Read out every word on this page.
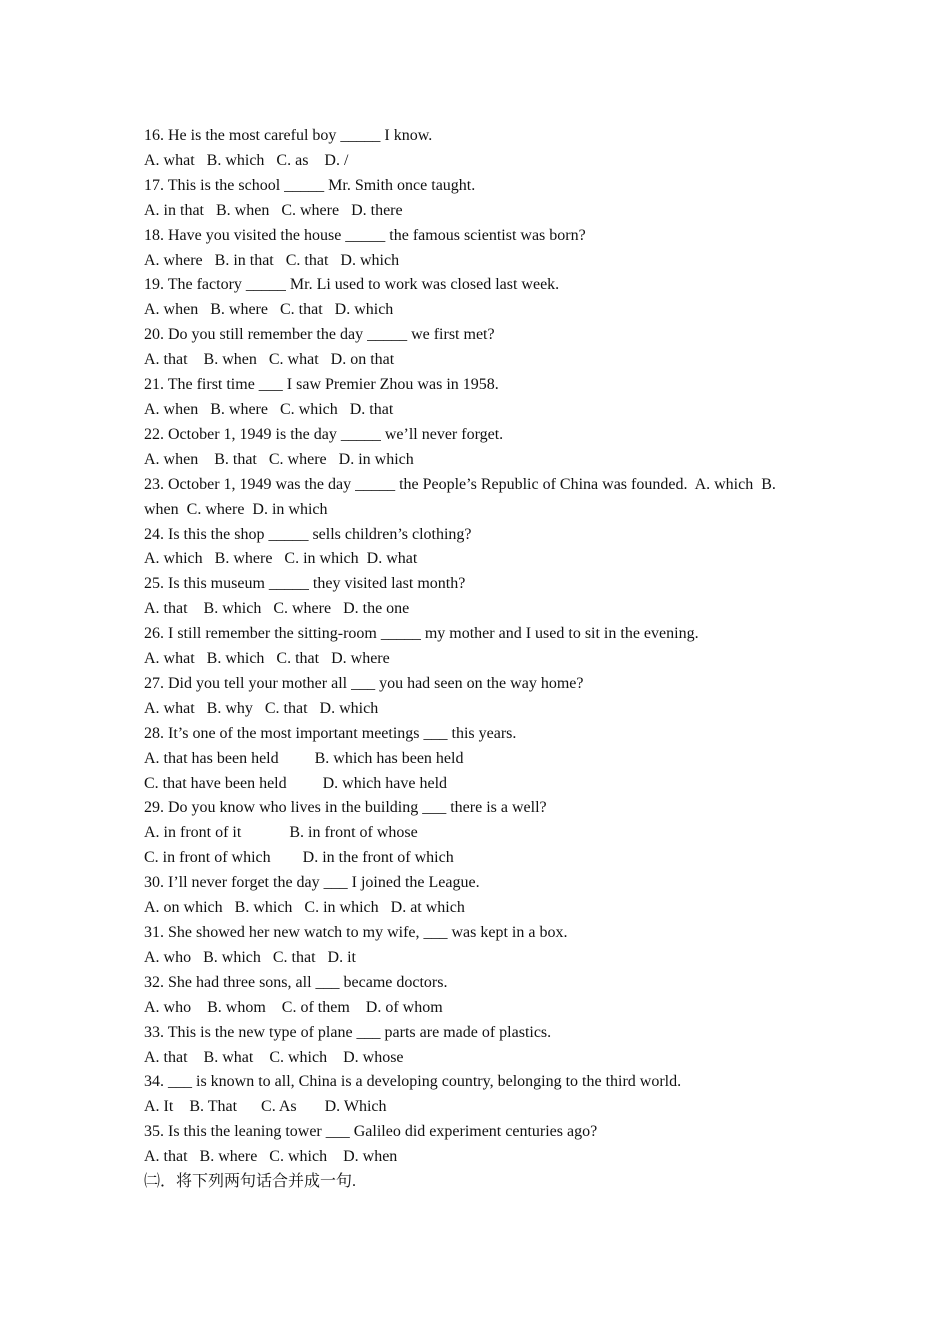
16. He is the most careful boy _____ I know.

A. what   B. which   C. as    D. /

17. This is the school _____ Mr. Smith once taught.

A. in that   B. when   C. where   D. there

18. Have you visited the house _____ the famous scientist was born?

A. where   B. in that   C. that   D. which

19. The factory _____ Mr. Li used to work was closed last week.

A. when   B. where   C. that   D. which

20. Do you still remember the day _____ we first met?

A. that    B. when   C. what   D. on that

21. The first time ___ I saw Premier Zhou was in 1958.

A. when   B. where   C. which   D. that

22. October 1, 1949 is the day _____ we’ll never forget.

A. when    B. that   C. where   D. in which

23. October 1, 1949 was the day _____ the People’s Republic of China was founded.  A. which  B. when  C. where  D. in which

24. Is this the shop _____ sells children’s clothing?

A. which   B. where   C. in which  D. what

25. Is this museum _____ they visited last month?

A. that    B. which   C. where   D. the one

26. I still remember the sitting-room _____ my mother and I used to sit in the evening.

A. what   B. which   C. that   D. where

27. Did you tell your mother all ___ you had seen on the way home?

A. what   B. why   C. that   D. which

28. It’s one of the most important meetings ___ this years.

A. that has been held         B. which has been held

C. that have been held         D. which have held

29. Do you know who lives in the building ___ there is a well?

A. in front of it            B. in front of whose

C. in front of which        D. in the front of which

30. I’ll never forget the day ___ I joined the League.

A. on which   B. which   C. in which   D. at which

31. She showed her new watch to my wife, ___ was kept in a box.

A. who   B. which   C. that   D. it

32. She had three sons, all ___ became doctors.

A. who    B. whom    C. of them    D. of whom

33. This is the new type of plane ___ parts are made of plastics.

A. that    B. what    C. which    D. whose

34. ___ is known to all, China is a developing country, belonging to the third world.

A. It    B. That      C. As       D. Which

35. Is this the leaning tower ___ Galileo did experiment centuries ago?

A. that   B. where   C. which    D. when

㈡．将下列两句话合并成一句.
